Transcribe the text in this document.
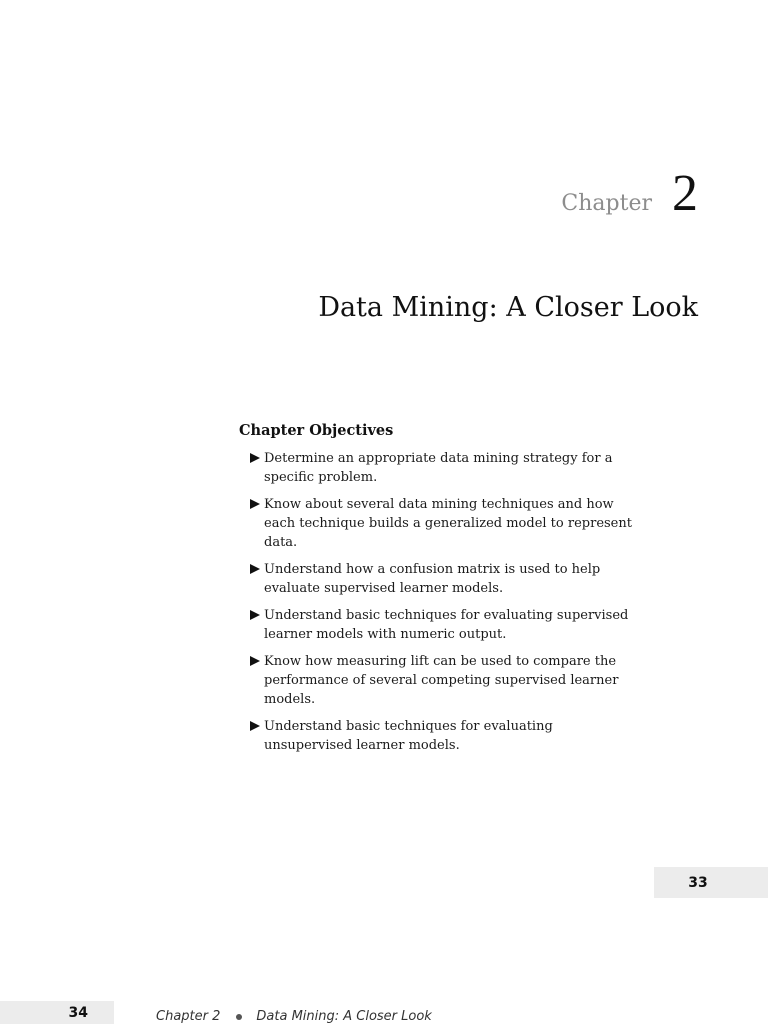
Chapter 2
Data Mining: A Closer Look
Chapter Objectives
Determine an appropriate data mining strategy for a specific problem.
Know about several data mining techniques and how each technique builds a generalized model to represent data.
Understand how a confusion matrix is used to help evaluate supervised learner models.
Understand basic techniques for evaluating supervised learner models with numeric output.
Know how measuring lift can be used to compare the performance of several competing supervised learner models.
Understand basic techniques for evaluating unsupervised learner models.
33
34	Chapter 2	Data Mining: A Closer Look
